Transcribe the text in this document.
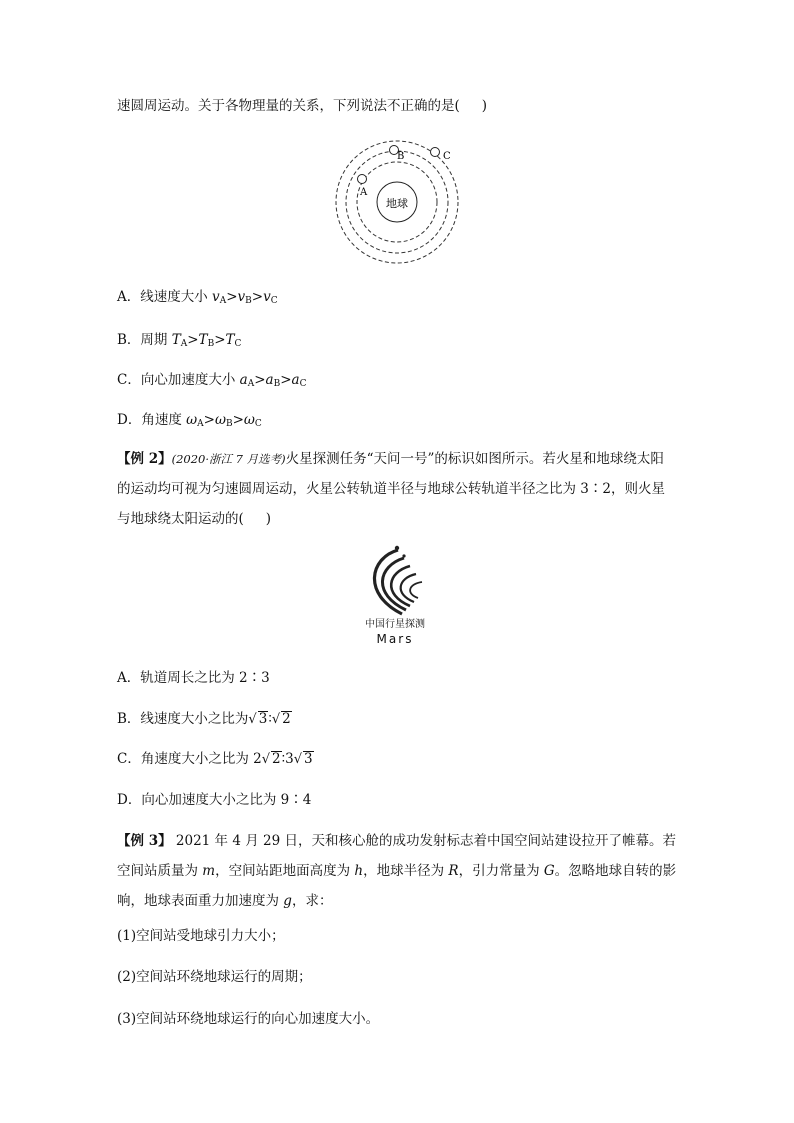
速圆周运动。关于各物理量的关系，下列说法不正确的是( )
地球
A
B	C
A．线速度大小 $v_A>v_B>v_C$
B．周期 $T_A>T_B>T_C$
C．向心加速度大小 $a_A>a_B>a_C$
D．角速度 $\omega_A>\omega_B>\omega_C$
【例 2】(2020·浙江 7 月选考)火星探测任务“天问一号”的标识如图所示。若火星和地球绕太阳的运动均可视为匀速圆周运动，火星公转轨道半径与地球公转轨道半径之比为 3∶2，则火星与地球绕太阳运动的( )
中国行星探测
Mars
A．轨道周长之比为 2∶3
B．线速度大小之比为√ 3∶√ 2
C．角速度大小之比为 2√ 2∶3√ 3
D．向心加速度大小之比为 9∶4
【例 3】 2021 年 4 月 29 日，天和核心舱的成功发射标志着中国空间站建设拉开了帷幕。若空间站质量为 m，空间站距地面高度为 h，地球半径为 R，引力常量为 G。忽略地球自转的影响，地球表面重力加速度为 g，求：
(1)空间站受地球引力大小；
(2)空间站环绕地球运行的周期；
(3)空间站环绕地球运行的向心加速度大小。
